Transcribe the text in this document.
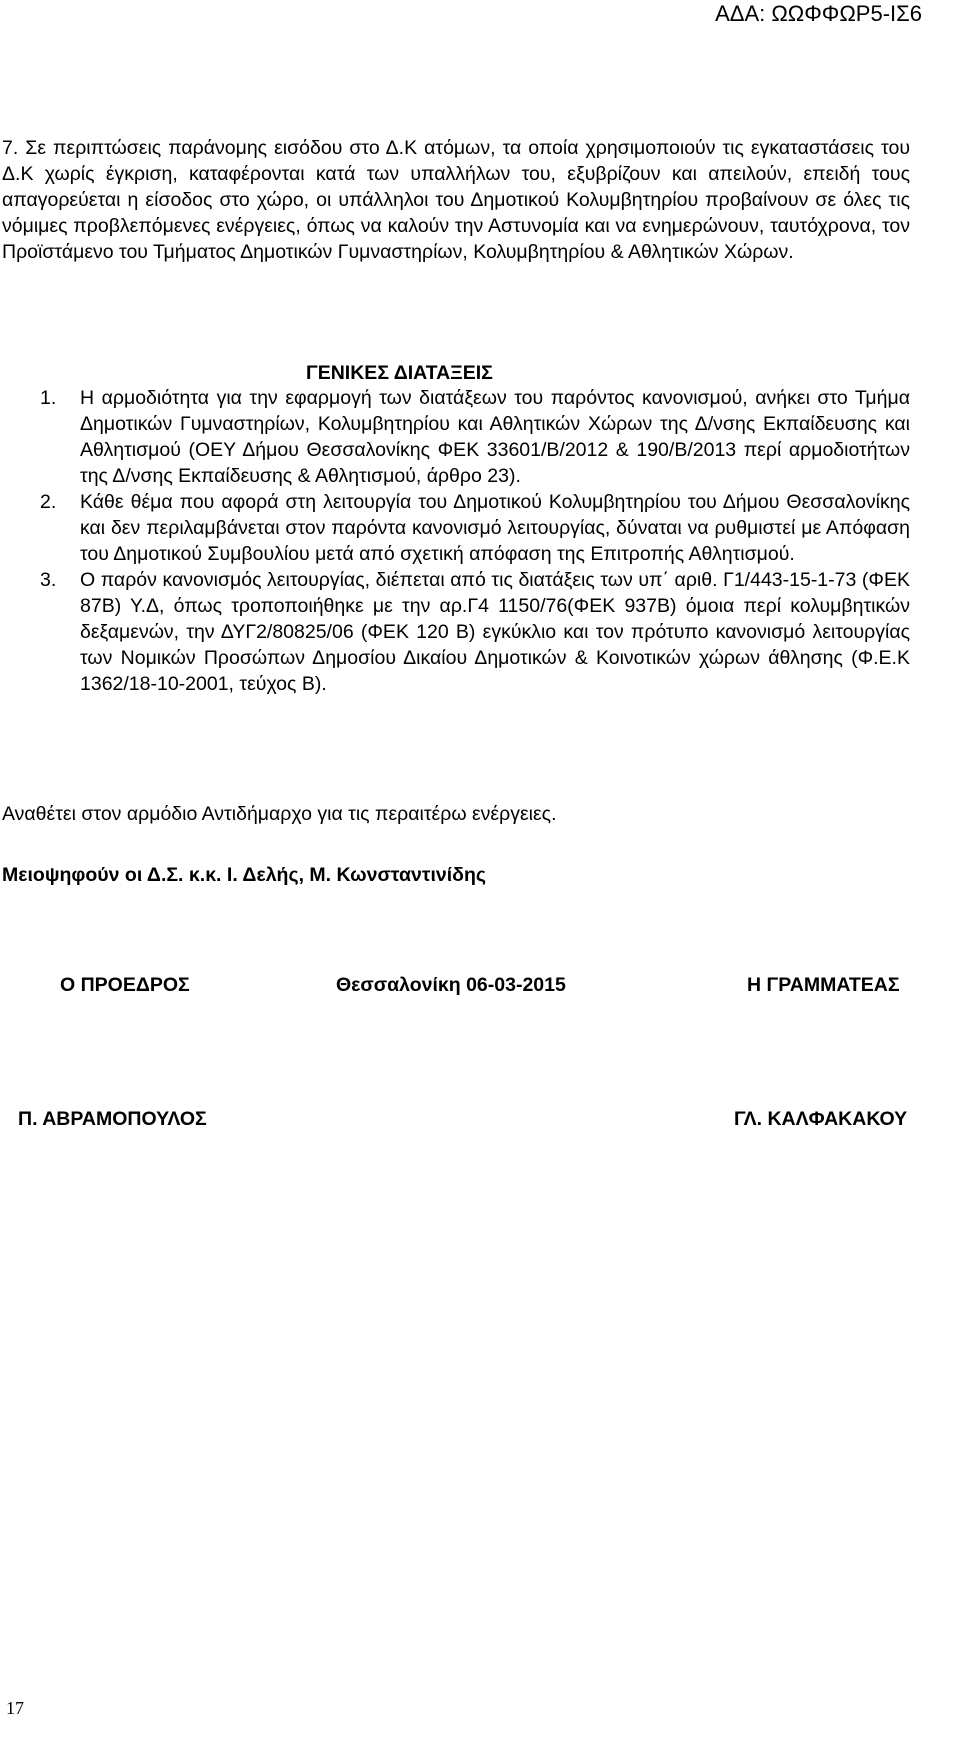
ΑΔΑ: ΩΩΦΦΩΡ5-ΙΣ6

7. Σε περιπτώσεις παράνομης εισόδου στο Δ.Κ ατόμων, τα οποία χρησιμοποιούν τις εγκαταστάσεις του Δ.Κ χωρίς έγκριση, καταφέρονται κατά των υπαλλήλων του, εξυβρίζουν και απειλούν, επειδή τους απαγορεύεται η είσοδος στο χώρο, οι υπάλληλοι του Δημοτικού Κολυμβητηρίου προβαίνουν σε όλες τις νόμιμες προβλεπόμενες ενέργειες, όπως να καλούν την Αστυνομία και να ενημερώνουν, ταυτόχρονα, τον Προϊστάμενο του Τμήματος Δημοτικών Γυμναστηρίων, Κολυμβητηρίου & Αθλητικών Χώρων.

ΓΕΝΙΚΕΣ ΔΙΑΤΑΞΕΙΣ
1. Η αρμοδιότητα για την εφαρμογή των διατάξεων του παρόντος κανονισμού, ανήκει στο Τμήμα Δημοτικών Γυμναστηρίων, Κολυμβητηρίου και Αθλητικών Χώρων της Δ/νσης Εκπαίδευσης και Αθλητισμού (ΟΕΥ Δήμου Θεσσαλονίκης ΦΕΚ 33601/Β/2012 & 190/Β/2013 περί αρμοδιοτήτων της Δ/νσης Εκπαίδευσης & Αθλητισμού, άρθρο 23).
2. Κάθε θέμα που αφορά στη λειτουργία του Δημοτικού Κολυμβητηρίου του Δήμου Θεσσαλονίκης και δεν περιλαμβάνεται στον παρόντα κανονισμό λειτουργίας, δύναται να ρυθμιστεί με Απόφαση του Δημοτικού Συμβουλίου μετά από σχετική απόφαση της Επιτροπής Αθλητισμού.
3. Ο παρόν κανονισμός λειτουργίας, διέπεται από τις διατάξεις των υπ΄ αριθ. Γ1/443-15-1-73 (ΦΕΚ 87Β) Υ.Δ, όπως τροποποιήθηκε με την αρ.Γ4 1150/76(ΦΕΚ 937Β) όμοια περί κολυμβητικών δεξαμενών, την ΔΥΓ2/80825/06 (ΦΕΚ 120 Β) εγκύκλιο και τον πρότυπο κανονισμό λειτουργίας των Νομικών Προσώπων Δημοσίου Δικαίου Δημοτικών & Κοινοτικών χώρων άθλησης (Φ.Ε.Κ 1362/18-10-2001, τεύχος Β).
Αναθέτει στον αρμόδιο Αντιδήμαρχο για τις περαιτέρω ενέργειες.
Μειοψηφούν οι Δ.Σ. κ.κ. Ι. Δελής, Μ. Κωνσταντινίδης
Ο ΠΡΟΕΔΡΟΣ	Θεσσαλονίκη 06-03-2015	Η ΓΡΑΜΜΑΤΕΑΣ
Π. ΑΒΡΑΜΟΠΟΥΛΟΣ	ΓΛ. ΚΑΛΦΑΚΑΚΟΥ
17
